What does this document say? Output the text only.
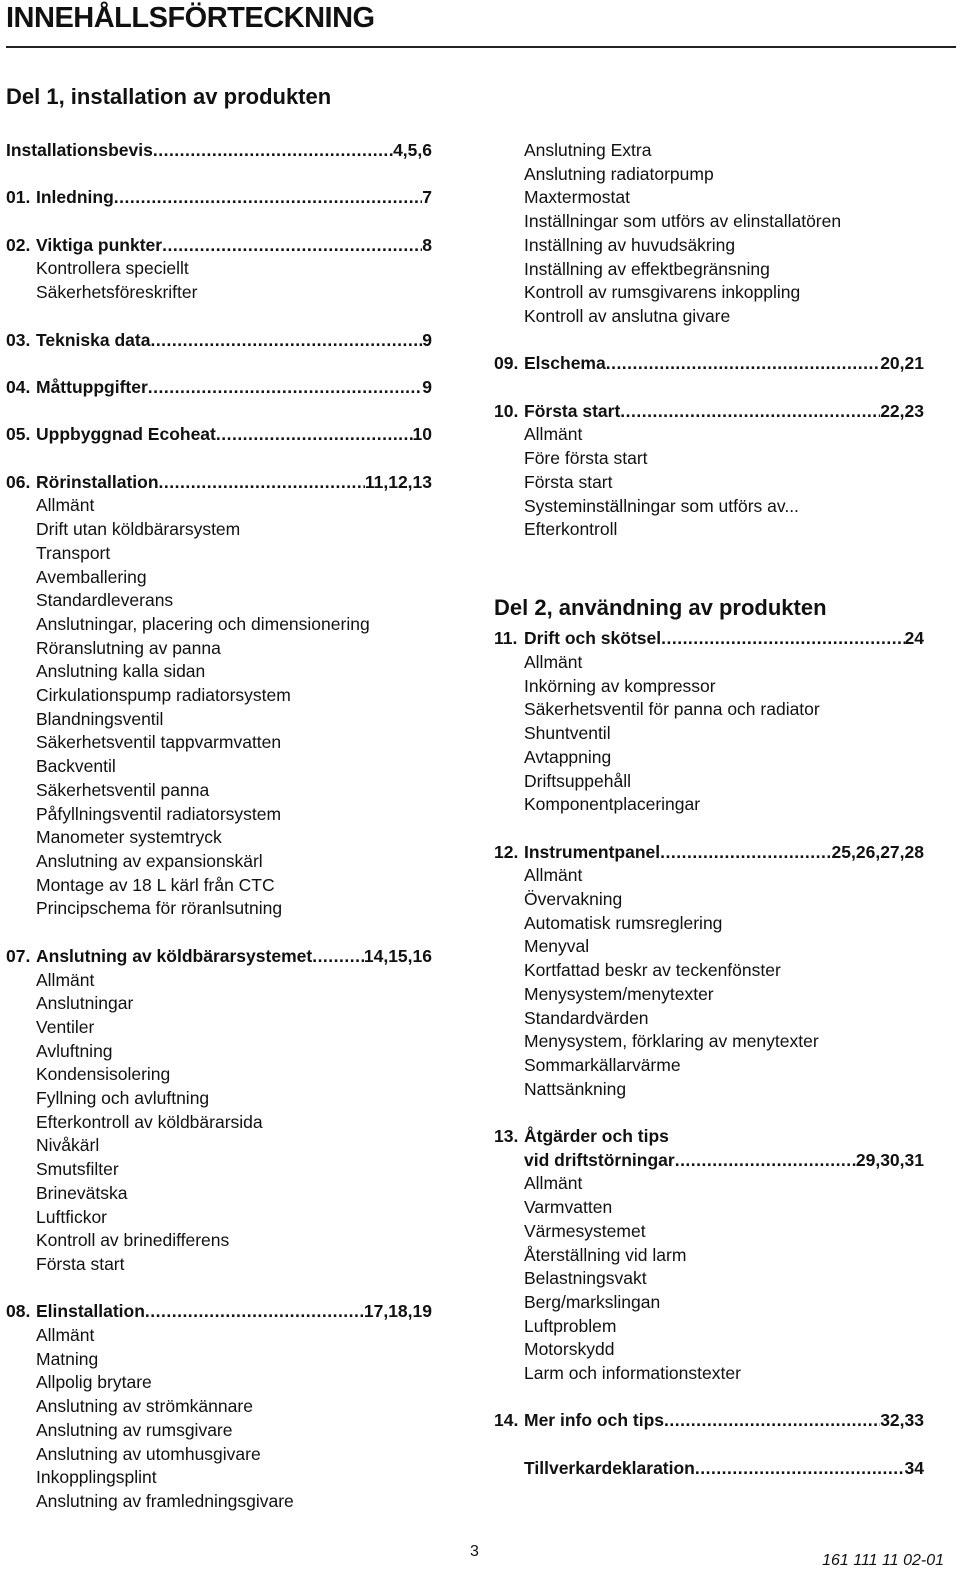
INNEHÅLLSFÖRTECKNING
Del 1, installation av produkten
Installationsbevis .....	4,5,6
01. Inledning .....	7
02. Viktiga punkter .....	8
Kontrollera speciellt
Säkerhetsföreskrifter
03. Tekniska data .....	9
04. Måttuppgifter .....	9
05. Uppbyggnad Ecoheat .....	10
06. Rörinstallation .....	11,12,13
Allmänt
Drift utan köldbärarsystem
Transport
Avemballering
Standardleverans
Anslutningar, placering och dimensionering
Röranslutning av panna
Anslutning kalla sidan
Cirkulationspump radiatorsystem
Blandningsventil
Säkerhetsventil tappvarmvatten
Backventil
Säkerhetsventil panna
Påfyllningsventil radiatorsystem
Manometer systemtryck
Anslutning av expansionskärl
Montage av 18 L kärl från CTC
Principschema för röranlsutning
07. Anslutning av köldbärarsystemet .....	14,15,16
Allmänt
Anslutningar
Ventiler
Avluftning
Kondensisolering
Fyllning och avluftning
Efterkontroll av köldbärarsida
Nivåkärl
Smutsfilter
Brinevätska
Luftfickor
Kontroll av brinedifferens
Första start
08. Elinstallation .....	17,18,19
Allmänt
Matning
Allpolig brytare
Anslutning av strömkännare
Anslutning av rumsgivare
Anslutning av utomhusgivare
Inkopplingsplint
Anslutning av framledningsgivare
Anslutning Extra
Anslutning radiatorpump
Maxtermostat
Inställningar som utförs av elinstallatören
Inställning av huvudsäkring
Inställning av effektbegränsning
Kontroll av rumsgivarens inkoppling
Kontroll av anslutna givare
09. Elschema .....	20,21
10. Första start .....	22,23
Allmänt
Före första start
Första start
Systeminställningar som utförs av...
Efterkontroll
Del 2, användning av produkten
11. Drift och skötsel .....	24
Allmänt
Inkörning av kompressor
Säkerhetsventil för panna och radiator
Shuntventil
Avtappning
Driftsuppehåll
Komponentplaceringar
12. Instrumentpanel .....	25,26,27,28
Allmänt
Övervakning
Automatisk rumsreglering
Menyval
Kortfattad beskr av teckenfönster
Menysystem/menytexter
Standardvärden
Menysystem, förklaring av menytexter
Sommarkällarvärme
Nattsänkning
13. Åtgärder och tips
vid driftstörningar .....	29,30,31
Allmänt
Varmvatten
Värmesystemet
Återställning vid larm
Belastningsvakt
Berg/markslingan
Luftproblem
Motorskydd
Larm och informationstexter
14. Mer info och tips .....	32,33
Tillverkardeklaration .....	34
3
161 111 11 02-01
